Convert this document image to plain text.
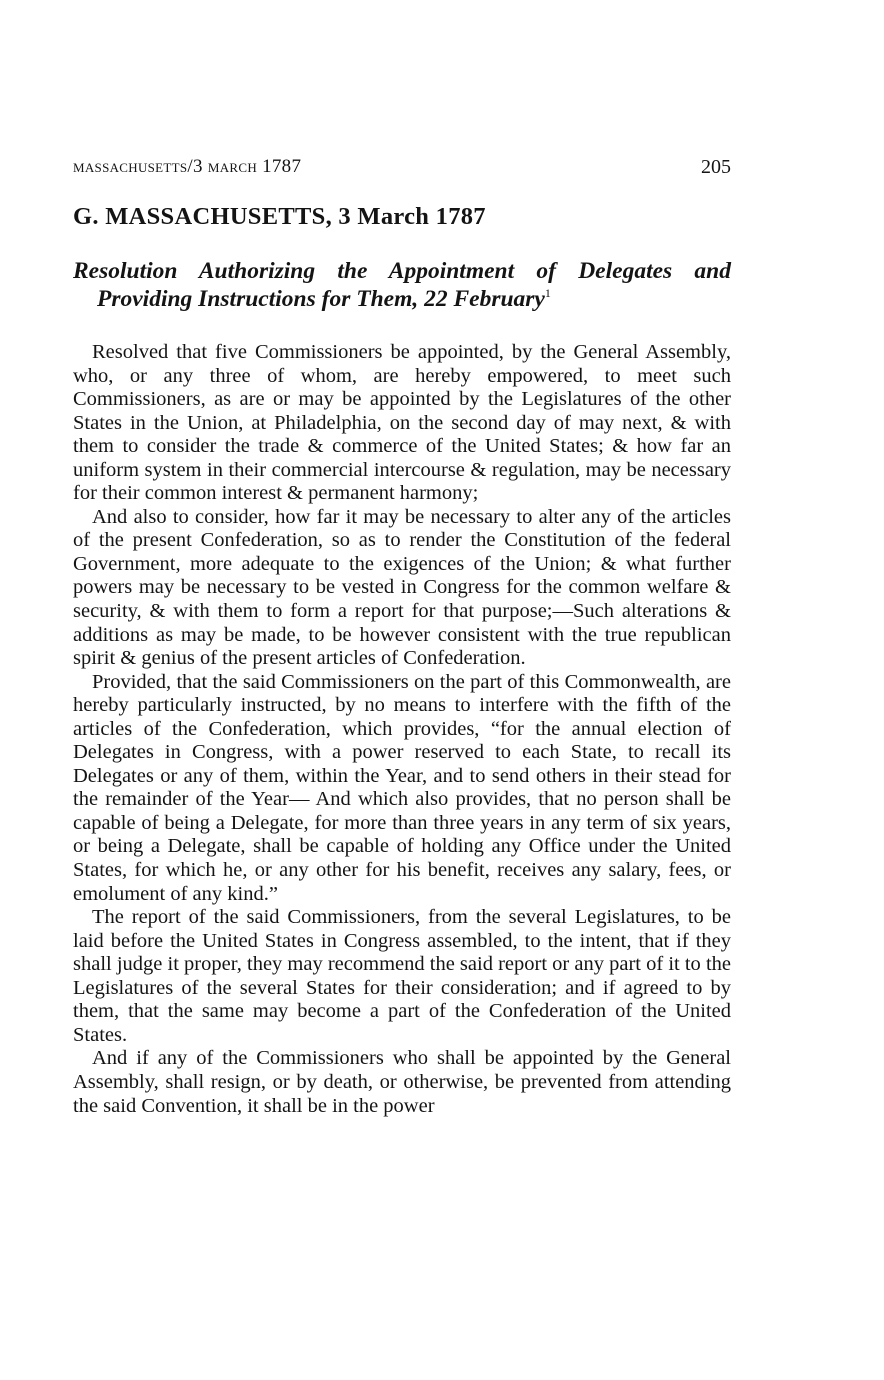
massachusetts/3 march 1787	205
G. MASSACHUSETTS, 3 March 1787
Resolution Authorizing the Appointment of Delegates and Providing Instructions for Them, 22 February$^1$

Resolved that five Commissioners be appointed, by the General Assembly, who, or any three of whom, are hereby empowered, to meet such Commissioners, as are or may be appointed by the Legislatures of the other States in the Union, at Philadelphia, on the second day of may next, & with them to consider the trade & commerce of the United States; & how far an uniform system in their commercial intercourse & regulation, may be necessary for their common interest & permanent harmony;

And also to consider, how far it may be necessary to alter any of the articles of the present Confederation, so as to render the Constitution of the federal Government, more adequate to the exigences of the Union; & what further powers may be necessary to be vested in Congress for the common welfare & security, & with them to form a report for that purpose;—Such alterations & additions as may be made, to be however consistent with the true republican spirit & genius of the present articles of Confederation.

Provided, that the said Commissioners on the part of this Commonwealth, are hereby particularly instructed, by no means to interfere with the fifth of the articles of the Confederation, which provides, “for the annual election of Delegates in Congress, with a power reserved to each State, to recall its Delegates or any of them, within the Year, and to send others in their stead for the remainder of the Year— And which also provides, that no person shall be capable of being a Delegate, for more than three years in any term of six years, or being a Delegate, shall be capable of holding any Office under the United States, for which he, or any other for his benefit, receives any salary, fees, or emolument of any kind.”

The report of the said Commissioners, from the several Legislatures, to be laid before the United States in Congress assembled, to the intent, that if they shall judge it proper, they may recommend the said report or any part of it to the Legislatures of the several States for their consideration; and if agreed to by them, that the same may become a part of the Confederation of the United States.

And if any of the Commissioners who shall be appointed by the General Assembly, shall resign, or by death, or otherwise, be prevented from attending the said Convention, it shall be in the power
